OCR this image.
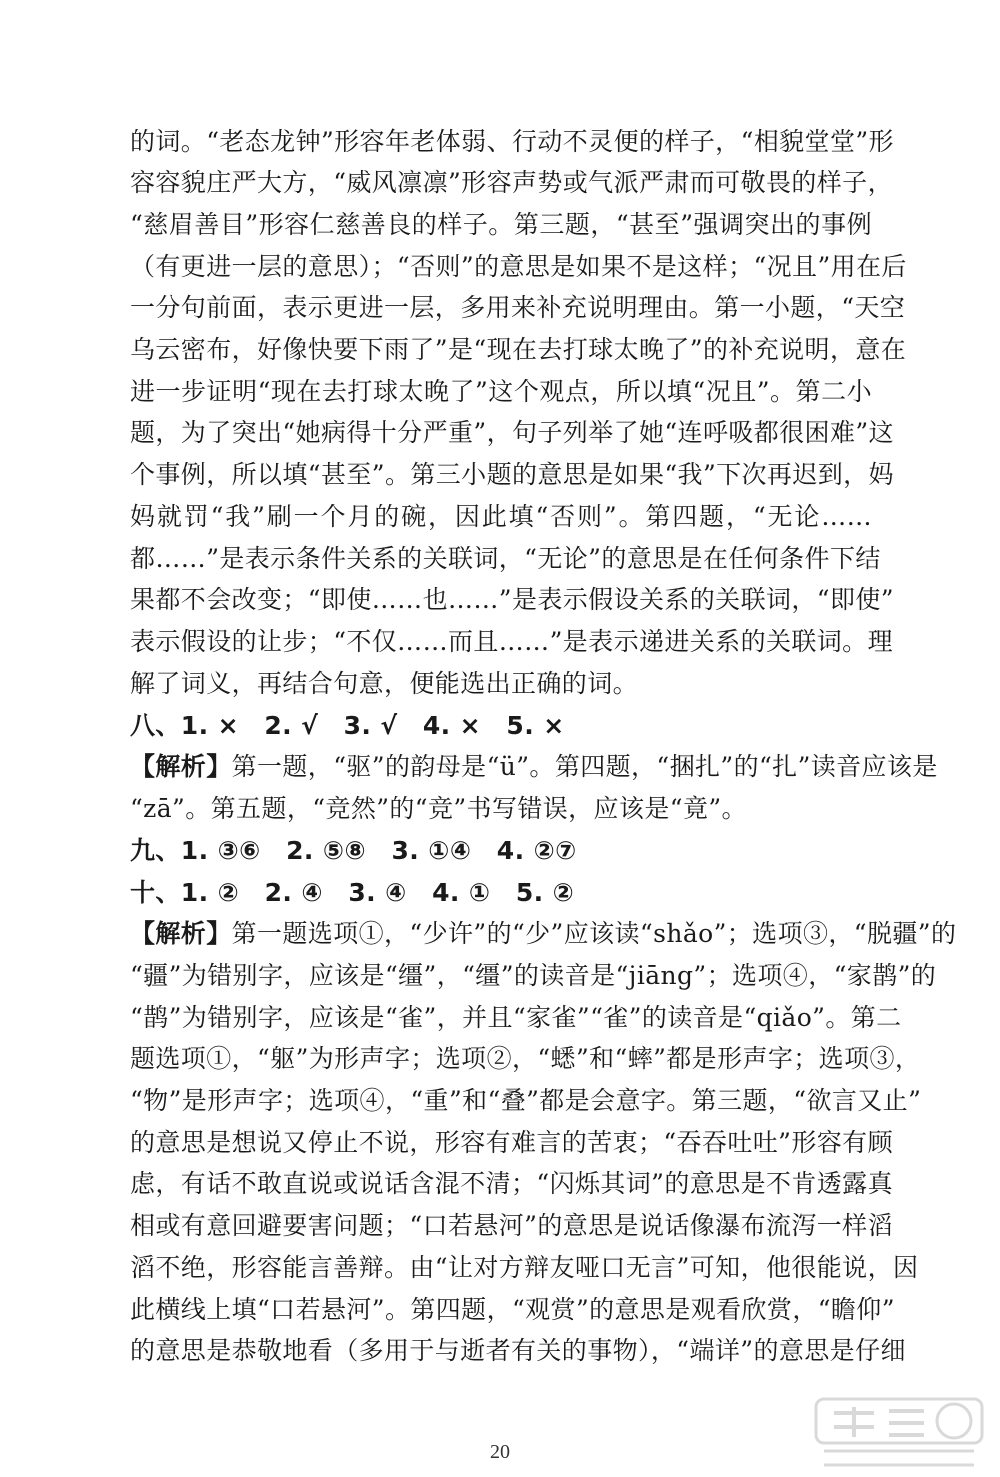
的词。“老态龙钟”形容年老体弱、行动不灵便的样子，“相貌堂堂”形
容容貌庄严大方，“威风凛凛”形容声势或气派严肃而可敬畏的样子，
“慈眉善目”形容仁慈善良的样子。第三题，“甚至”强调突出的事例
（有更进一层的意思）；“否则”的意思是如果不是这样；“况且”用在后
一分句前面，表示更进一层，多用来补充说明理由。第一小题，“天空
乌云密布，好像快要下雨了”是“现在去打球太晚了”的补充说明，意在
进一步证明“现在去打球太晚了”这个观点，所以填“况且”。第二小
题，为了突出“她病得十分严重”，句子列举了她“连呼吸都很困难”这
个事例，所以填“甚至”。第三小题的意思是如果“我”下次再迟到，妈
妈就罚“我”刷一个月的碗，因此填“否则”。第四题，“无论……
都……”是表示条件关系的关联词，“无论”的意思是在任何条件下结
果都不会改变；“即使……也……”是表示假设关系的关联词，“即使”
表示假设的让步；“不仅……而且……”是表示递进关系的关联词。理
解了词义，再结合句意，便能选出正确的词。
八、1. ×　2. √　3. √　4. ×　5. ×
【解析】第一题，“驱”的韵母是“ü”。第四题，“捆扎”的“扎”读音应该是
“zā”。第五题，“竞然”的“竞”书写错误，应该是“竟”。
九、1. ③⑥　2. ⑤⑧　3. ①④　4. ②⑦
十、1. ②　2. ④　3. ④　4. ①　5. ②
【解析】第一题选项①，“少许”的“少”应该读“shǎo”；选项③，“脱疆”的
“疆”为错别字，应该是“缰”，“缰”的读音是“jiāng”；选项④，“家鹊”的
“鹊”为错别字，应该是“雀”，并且“家雀”“雀”的读音是“qiǎo”。第二
题选项①，“躯”为形声字；选项②，“蟋”和“蟀”都是形声字；选项③，
“物”是形声字；选项④，“重”和“叠”都是会意字。第三题，“欲言又止”
的意思是想说又停止不说，形容有难言的苦衷；“吞吞吐吐”形容有顾
虑，有话不敢直说或说话含混不清；“闪烁其词”的意思是不肯透露真
相或有意回避要害问题；“口若悬河”的意思是说话像瀑布流泻一样滔
滔不绝，形容能言善辩。由“让对方辩友哑口无言”可知，他很能说，因
此横线上填“口若悬河”。第四题，“观赏”的意思是观看欣赏，“瞻仰”
的意思是恭敬地看（多用于与逝者有关的事物），“端详”的意思是仔细
20
